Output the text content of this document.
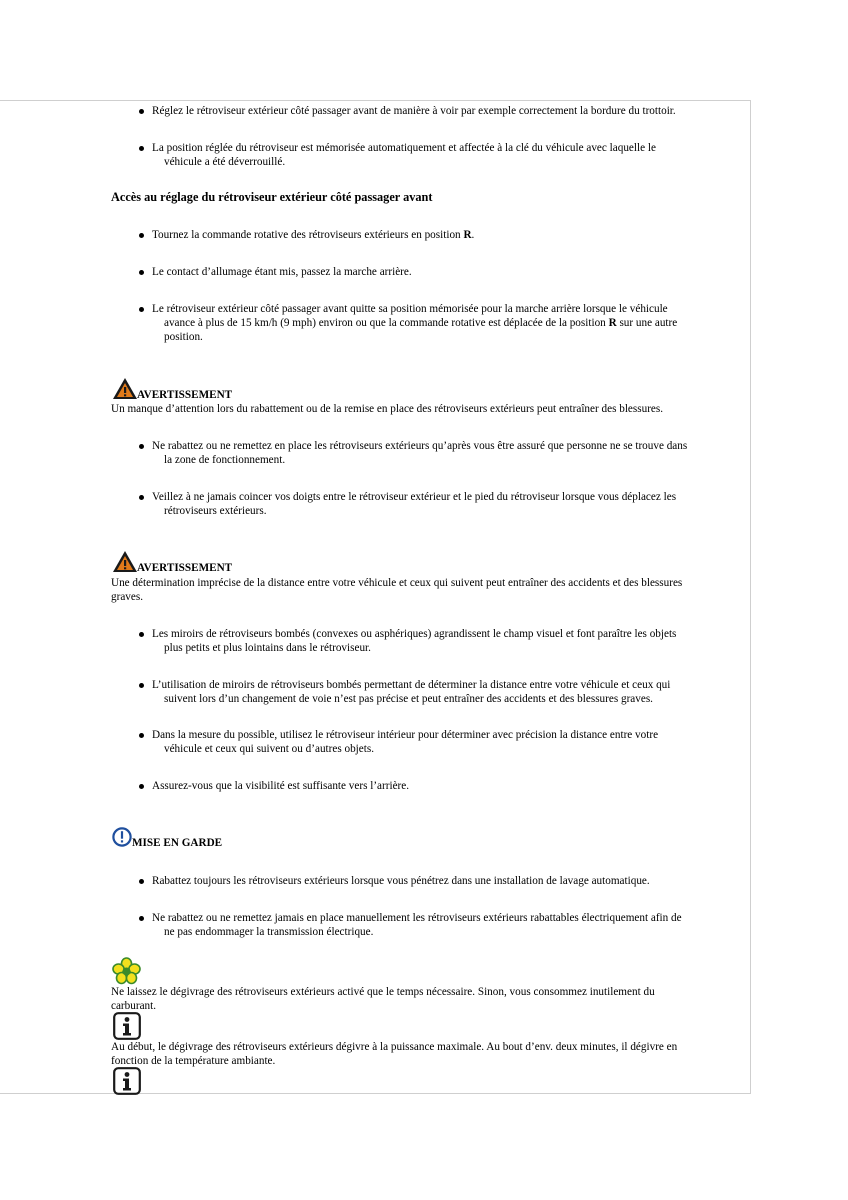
Réglez le rétroviseur extérieur côté passager avant de manière à voir par exemple correctement la bordure du trottoir.
La position réglée du rétroviseur est mémorisée automatiquement et affectée à la clé du véhicule avec laquelle le
véhicule a été déverrouillé.
Accès au réglage du rétroviseur extérieur côté passager avant
Tournez la commande rotative des rétroviseurs extérieurs en position R.
Le contact d’allumage étant mis, passez la marche arrière.
Le rétroviseur extérieur côté passager avant quitte sa position mémorisée pour la marche arrière lorsque le véhicule
avance à plus de 15 km/h (9 mph) environ ou que la commande rotative est déplacée de la position R sur une autre
position.
AVERTISSEMENT
Un manque d’attention lors du rabattement ou de la remise en place des rétroviseurs extérieurs peut entraîner des blessures.
Ne rabattez ou ne remettez en place les rétroviseurs extérieurs qu’après vous être assuré que personne ne se trouve dans
la zone de fonctionnement.
Veillez à ne jamais coincer vos doigts entre le rétroviseur extérieur et le pied du rétroviseur lorsque vous déplacez les
rétroviseurs extérieurs.
AVERTISSEMENT
Une détermination imprécise de la distance entre votre véhicule et ceux qui suivent peut entraîner des accidents et des blessures
graves.
Les miroirs de rétroviseurs bombés (convexes ou asphériques) agrandissent le champ visuel et font paraître les objets
plus petits et plus lointains dans le rétroviseur.
L’utilisation de miroirs de rétroviseurs bombés permettant de déterminer la distance entre votre véhicule et ceux qui
suivent lors d’un changement de voie n’est pas précise et peut entraîner des accidents et des blessures graves.
Dans la mesure du possible, utilisez le rétroviseur intérieur pour déterminer avec précision la distance entre votre
véhicule et ceux qui suivent ou d’autres objets.
Assurez-vous que la visibilité est suffisante vers l’arrière.
MISE EN GARDE
Rabattez toujours les rétroviseurs extérieurs lorsque vous pénétrez dans une installation de lavage automatique.
Ne rabattez ou ne remettez jamais en place manuellement les rétroviseurs extérieurs rabattables électriquement afin de
ne pas endommager la transmission électrique.
Ne laissez le dégivrage des rétroviseurs extérieurs activé que le temps nécessaire. Sinon, vous consommez inutilement du
carburant.
Au début, le dégivrage des rétroviseurs extérieurs dégivre à la puissance maximale. Au bout d’env. deux minutes, il dégivre en
fonction de la température ambiante.
